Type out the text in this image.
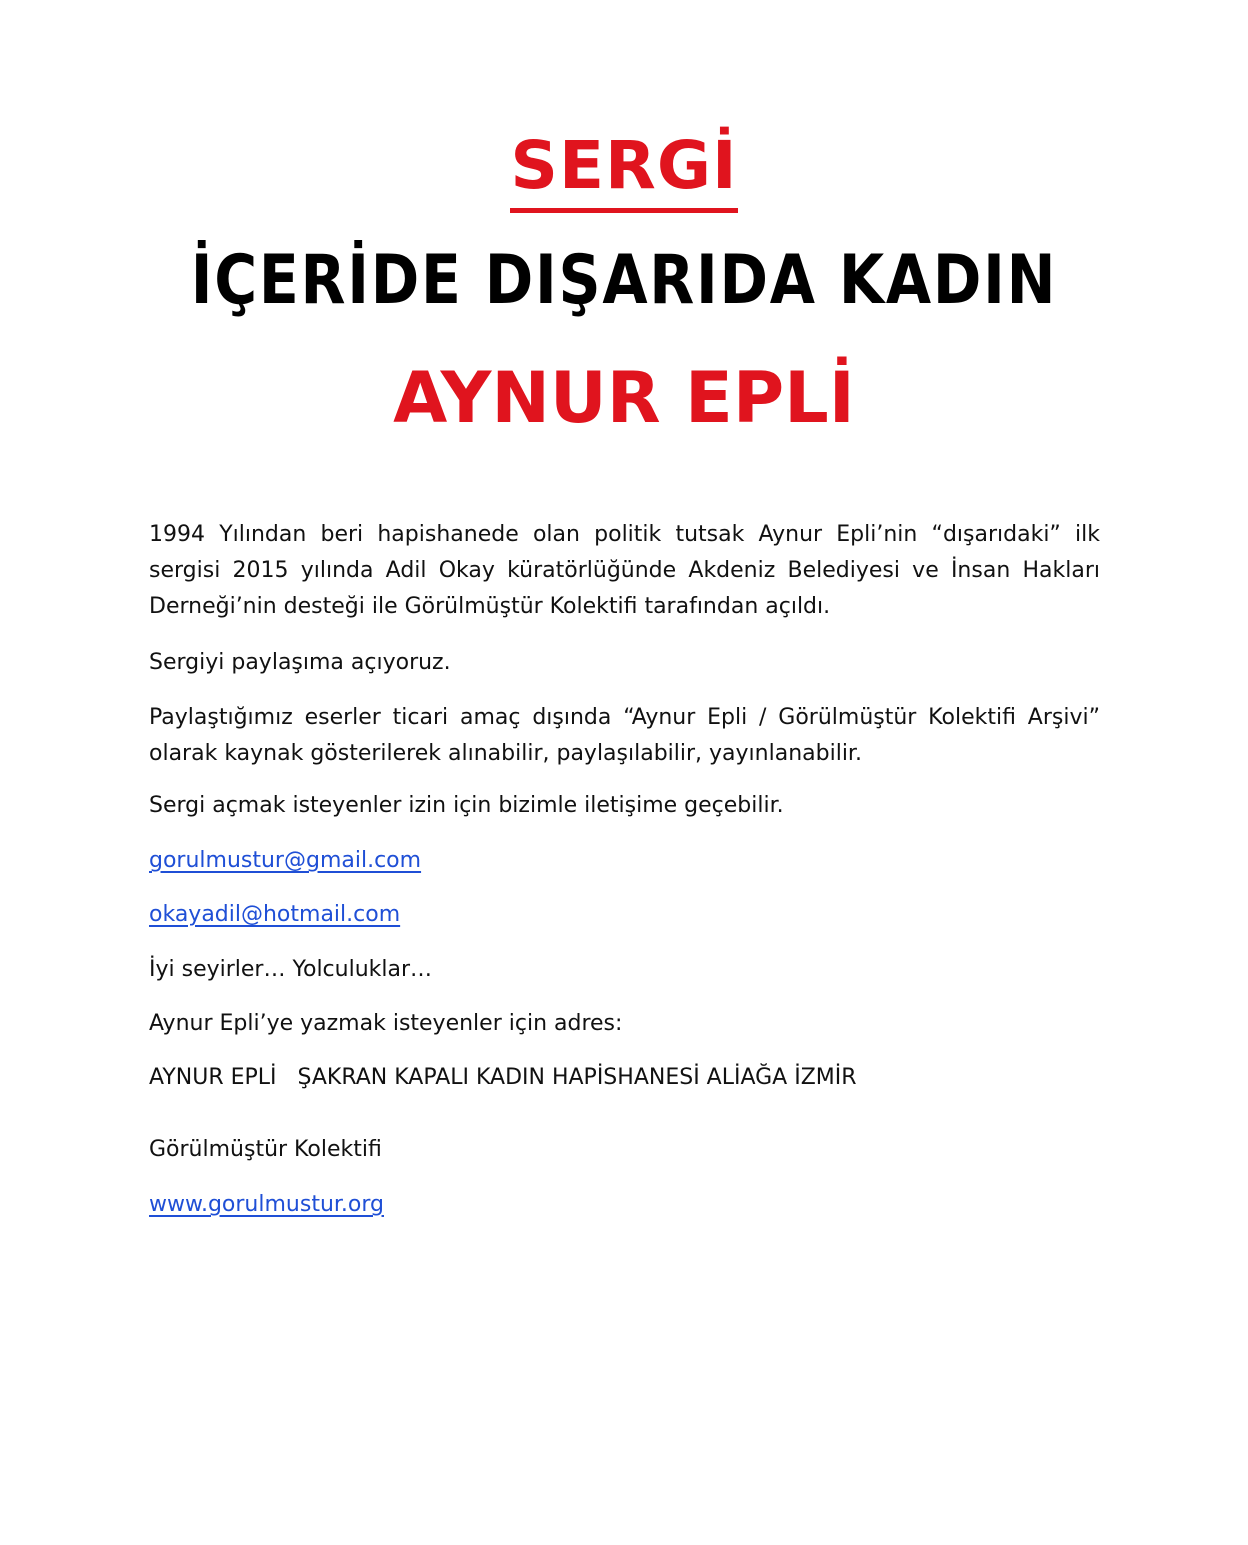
SERGİ
İÇERİDE DIŞARIDA KADIN
AYNUR EPLİ

1994 Yılından beri hapishanede olan politik tutsak Aynur Epli’nin “dışarıdaki” ilk sergisi 2015 yılında Adil Okay küratörlüğünde Akdeniz Belediyesi ve İnsan Hakları Derneği’nin desteği ile Görülmüştür Kolektifi tarafından açıldı.

Sergiyi paylaşıma açıyoruz.

Paylaştığımız eserler ticari amaç dışında “Aynur Epli / Görülmüştür Kolektifi Arşivi” olarak kaynak gösterilerek alınabilir, paylaşılabilir, yayınlanabilir.

Sergi açmak isteyenler izin için bizimle iletişime geçebilir.

gorulmustur@gmail.com

okayadil@hotmail.com

İyi seyirler… Yolculuklar…

Aynur Epli’ye yazmak isteyenler için adres:

AYNUR EPLİ   ŞAKRAN KAPALI KADIN HAPİSHANESİ ALİAĞA İZMİR

Görülmüştür Kolektifi

www.gorulmustur.org
